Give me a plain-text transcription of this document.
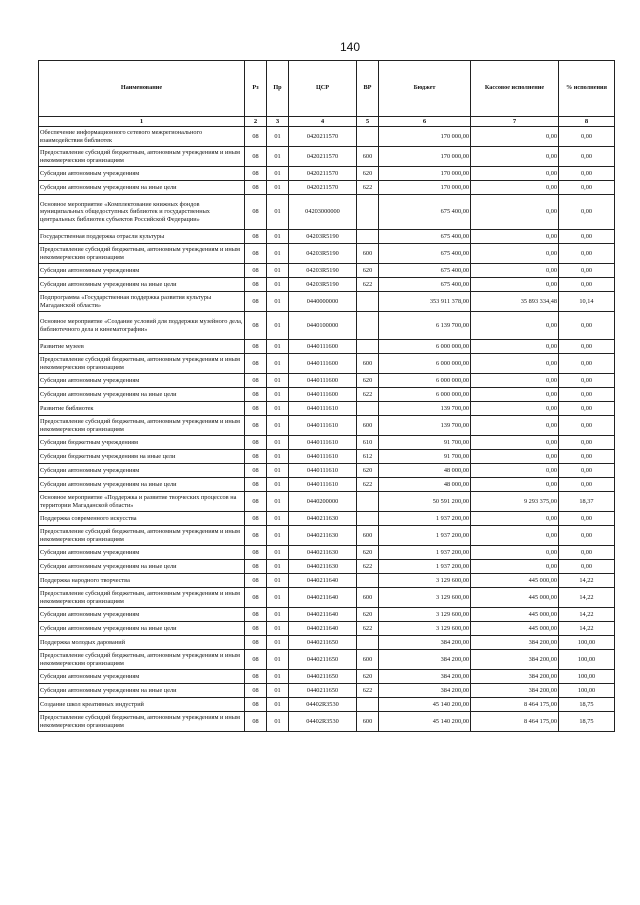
140
Наименование	Рз	Пр	ЦСР	ВР	Бюджет	Кассовое исполнение	% исполнения
1	2	3	4	5	6	7	8
Обеспечение информационного сетевого межрегионального взаимодействия библиотек	08	01	0420211570		170 000,00	0,00	0,00
Предоставление субсидий бюджетным, автономным учреждениям и иным некоммерческим организациям	08	01	0420211570	600	170 000,00	0,00	0,00
Субсидии автономным учреждениям	08	01	0420211570	620	170 000,00	0,00	0,00
Субсидии автономным учреждениям на иные цели	08	01	0420211570	622	170 000,00	0,00	0,00
Основное мероприятие «Комплектование книжных фондов муниципальных общедоступных библиотек и государственных центральных библиотек субъектов Российской Федерации»	08	01	04203000000		675 400,00	0,00	0,00
Государственная поддержка отрасли культуры	08	01	04203R5190		675 400,00	0,00	0,00
Предоставление субсидий бюджетным, автономным учреждениям и иным некоммерческим организациям	08	01	04203R5190	600	675 400,00	0,00	0,00
Субсидии автономным учреждениям	08	01	04203R5190	620	675 400,00	0,00	0,00
Субсидии автономным учреждениям на иные цели	08	01	04203R5190	622	675 400,00	0,00	0,00
Подпрограмма «Государственная поддержка развития культуры Магаданской области»	08	01	0440000000		353 911 378,00	35 893 334,48	10,14
Основное мероприятие «Создание условий для поддержки музейного дела, библиотечного дела и кинематографии»	08	01	0440100000		6 139 700,00	0,00	0,00
Развитие музеев	08	01	0440111600		6 000 000,00	0,00	0,00
Предоставление субсидий бюджетным, автономным учреждениям и иным некоммерческим организациям	08	01	0440111600	600	6 000 000,00	0,00	0,00
Субсидии автономным учреждениям	08	01	0440111600	620	6 000 000,00	0,00	0,00
Субсидии автономным учреждениям на иные цели	08	01	0440111600	622	6 000 000,00	0,00	0,00
Развитие библиотек	08	01	0440111610		139 700,00	0,00	0,00
Предоставление субсидий бюджетным, автономным учреждениям и иным некоммерческим организациям	08	01	0440111610	600	139 700,00	0,00	0,00
Субсидии бюджетным учреждениям	08	01	0440111610	610	91 700,00	0,00	0,00
Субсидии бюджетным учреждениям на иные цели	08	01	0440111610	612	91 700,00	0,00	0,00
Субсидии автономным учреждениям	08	01	0440111610	620	48 000,00	0,00	0,00
Субсидии автономным учреждениям на иные цели	08	01	0440111610	622	48 000,00	0,00	0,00
Основное мероприятие «Поддержка и развитие творческих процессов на территории Магаданской области»	08	01	0440200000		50 591 200,00	9 293 375,00	18,37
Поддержка современного искусства	08	01	0440211630		1 937 200,00	0,00	0,00
Предоставление субсидий бюджетным, автономным учреждениям и иным некоммерческим организациям	08	01	0440211630	600	1 937 200,00	0,00	0,00
Субсидии автономным учреждениям	08	01	0440211630	620	1 937 200,00	0,00	0,00
Субсидии автономным учреждениям на иные цели	08	01	0440211630	622	1 937 200,00	0,00	0,00
Поддержка народного творчества	08	01	0440211640		3 129 600,00	445 000,00	14,22
Предоставление субсидий бюджетным, автономным учреждениям и иным некоммерческим организациям	08	01	0440211640	600	3 129 600,00	445 000,00	14,22
Субсидии автономным учреждениям	08	01	0440211640	620	3 129 600,00	445 000,00	14,22
Субсидии автономным учреждениям на иные цели	08	01	0440211640	622	3 129 600,00	445 000,00	14,22
Поддержка молодых дарований	08	01	0440211650		384 200,00	384 200,00	100,00
Предоставление субсидий бюджетным, автономным учреждениям и иным некоммерческим организациям	08	01	0440211650	600	384 200,00	384 200,00	100,00
Субсидии автономным учреждениям	08	01	0440211650	620	384 200,00	384 200,00	100,00
Субсидии автономным учреждениям на иные цели	08	01	0440211650	622	384 200,00	384 200,00	100,00
Создание школ креативных индустрий	08	01	04402R3530		45 140 200,00	8 464 175,00	18,75
Предоставление субсидий бюджетным, автономным учреждениям и иным некоммерческим организациям	08	01	04402R3530	600	45 140 200,00	8 464 175,00	18,75
